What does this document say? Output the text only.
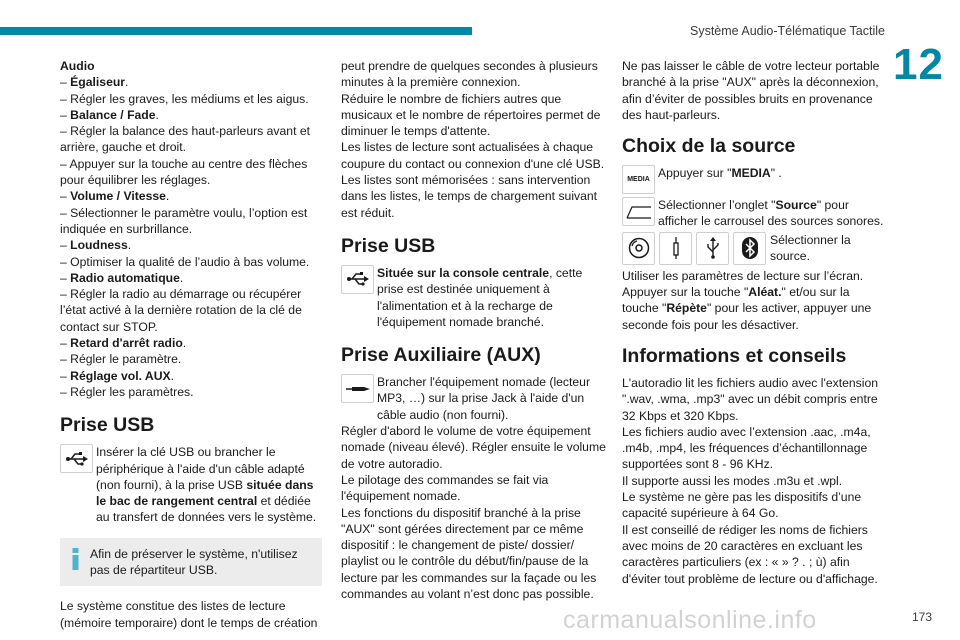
Système Audio-Télématique Tactile
12

Audio

– Égaliseur.

– Régler les graves, les médiums et les aigus.

– Balance / Fade.

– Régler la balance des haut-parleurs avant et arrière, gauche et droit.

– Appuyer sur la touche au centre des flèches pour équilibrer les réglages.

– Volume / Vitesse.

– Sélectionner le paramètre voulu, l’option est indiquée en surbrillance.

– Loudness.

– Optimiser la qualité de l’audio à bas volume.

– Radio automatique.

– Régler la radio au démarrage ou récupérer l’état activé à la dernière rotation de la clé de contact sur STOP.

– Retard d'arrêt radio.

– Régler le paramètre.

– Réglage vol. AUX.

– Régler les paramètres.

Prise USB

Insérer la clé USB ou brancher le périphérique à l'aide d'un câble adapté (non fourni), à la prise USB située dans le bac de rangement central et dédiée au transfert de données vers le système.

Afin de préserver le système, n'utilisez pas de répartiteur USB.

Le système constitue des listes de lecture (mémoire temporaire) dont le temps de création

peut prendre de quelques secondes à plusieurs minutes à la première connexion.

Réduire le nombre de fichiers autres que musicaux et le nombre de répertoires permet de diminuer le temps d'attente.

Les listes de lecture sont actualisées à chaque coupure du contact ou connexion d'une clé USB. Les listes sont mémorisées : sans intervention dans les listes, le temps de chargement suivant est réduit.

Prise USB

Située sur la console centrale, cette prise est destinée uniquement à l'alimentation et à la recharge de l'équipement nomade branché.

Prise Auxiliaire (AUX)

Brancher l'équipement nomade (lecteur MP3, …) sur la prise Jack à l'aide d'un câble audio (non fourni).

Régler d'abord le volume de votre équipement nomade (niveau élevé). Régler ensuite le volume de votre autoradio.

Le pilotage des commandes se fait via l'équipement nomade.

Les fonctions du dispositif branché à la prise "AUX" sont gérées directement par ce même dispositif : le changement de piste/ dossier/ playlist ou le contrôle du début/fin/pause de la lecture par les commandes sur la façade ou les commandes au volant n’est donc pas possible.

Ne pas laisser le câble de votre lecteur portable branché à la prise "AUX" après la déconnexion, afin d’éviter de possibles bruits en provenance des haut-parleurs.

Choix de la source
MEDIA Appuyer sur "MEDIA" .

Sélectionner l’onglet "Source" pour afficher le carrousel des sources sonores.

Sélectionner la source.

Utiliser les paramètres de lecture sur l’écran. Appuyer sur la touche "Aléat." et/ou sur la touche "Répète" pour les activer, appuyer une seconde fois pour les désactiver.

Informations et conseils

L'autoradio lit les fichiers audio avec l'extension ".wav, .wma, .mp3" avec un débit compris entre 32 Kbps et 320 Kbps.

Les fichiers audio avec l’extension .aac, .m4a, .m4b, .mp4, les fréquences d’échantillonnage supportées sont 8 - 96 KHz.

Il supporte aussi les modes .m3u et .wpl.

Le système ne gère pas les dispositifs d’une capacité supérieure à 64 Go.

Il est conseillé de rédiger les noms de fichiers avec moins de 20 caractères en excluant les caractères particuliers (ex : « » ? . ; ù) afin d'éviter tout problème de lecture ou d'affichage.

carmanualsonline.info	173
